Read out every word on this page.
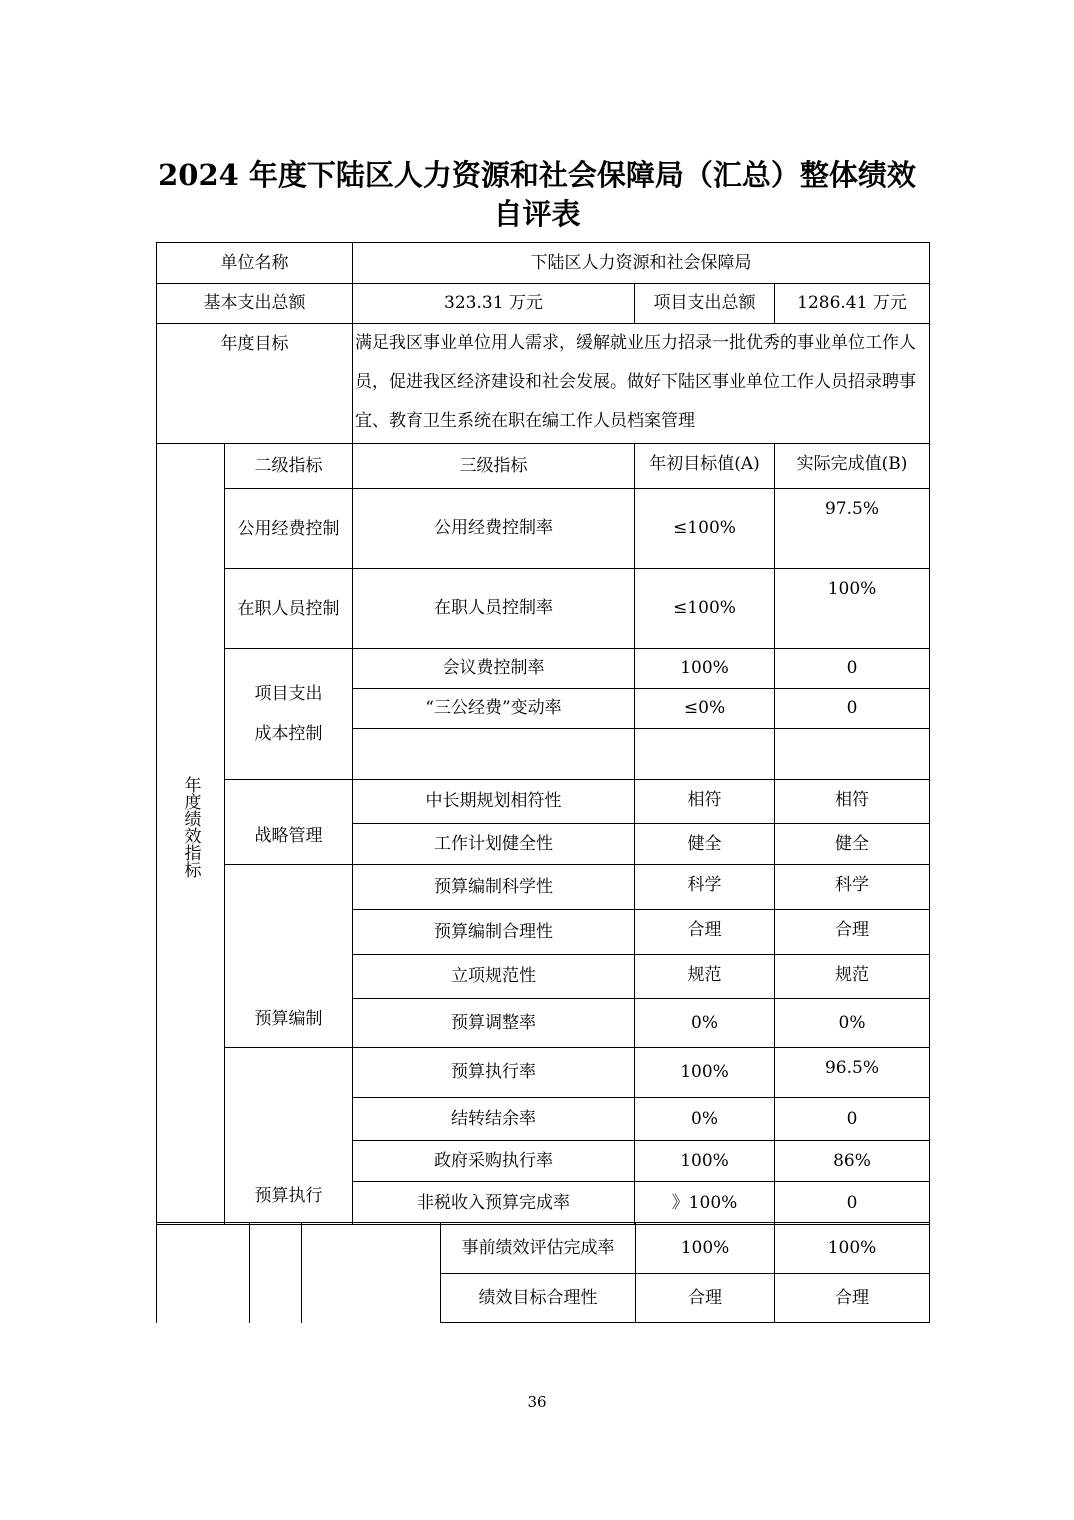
2024 年度下陆区人力资源和社会保障局（汇总）整体绩效
自评表
单位名称		下陆区人力资源和社会保障局		
基本支出总额		323.31 万元	项目支出总额	1286.41 万元
年度目标		满足我区事业单位用人需求，缓解就业压力招录一批优秀的事业单位工作人员，促进我区经济建设和社会发展。做好下陆区事业单位工作人员招录聘事宜、教育卫生系统在职在编工作人员档案管理		
年度绩效指标	二级指标	三级指标	年初目标值(A)	实际完成值(B)
	公用经费控制	公用经费控制率	≤100%	97.5%
	在职人员控制	在职人员控制率	≤100%	100%
	项目支出成本控制	会议费控制率	100%	0
		“三公经费”变动率	≤0%	0

	战略管理	中长期规划相符性	相符	相符
		工作计划健全性	健全	健全
	预算编制	预算编制科学性	科学	科学
		预算编制合理性	合理	合理
		立项规范性	规范	规范
		预算调整率	0%	0%
	预算执行	预算执行率	100%	96.5%
		结转结余率	0%	0
		政府采购执行率	100%	86%
		非税收入预算完成率	》100%	0
			事前绩效评估完成率	100%	100%
			绩效目标合理性	合理	合理
36
